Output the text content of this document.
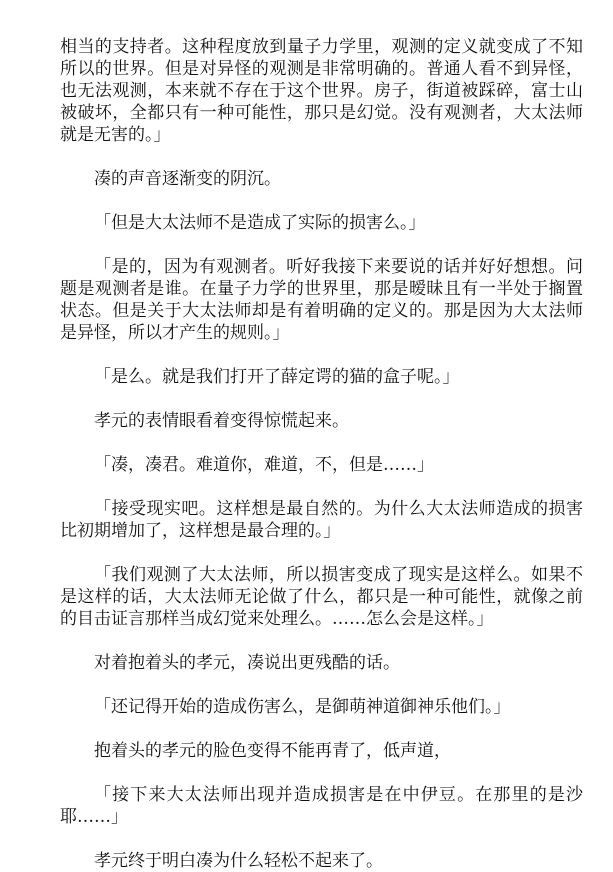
相当的支持者。这种程度放到量子力学里，观测的定义就变成了不知所以的世界。但是对异怪的观测是非常明确的。普通人看不到异怪，也无法观测，本来就不存在于这个世界。房子，街道被踩碎，富士山被破坏，全都只有一种可能性，那只是幻觉。没有观测者，大太法师就是无害的。」

凑的声音逐渐变的阴沉。

「但是大太法师不是造成了实际的损害么。」

「是的，因为有观测者。听好我接下来要说的话并好好想想。问题是观测者是谁。在量子力学的世界里，那是暧昧且有一半处于搁置状态。但是关于大太法师却是有着明确的定义的。那是因为大太法师是异怪，所以才产生的规则。」

「是么。就是我们打开了薛定谔的猫的盒子呢。」

孝元的表情眼看着变得惊慌起来。

「凑，凑君。难道你，难道，不，但是……」

「接受现实吧。这样想是最自然的。为什么大太法师造成的损害比初期增加了，这样想是最合理的。」

「我们观测了大太法师，所以损害变成了现实是这样么。如果不是这样的话，大太法师无论做了什么，都只是一种可能性，就像之前的目击证言那样当成幻觉来处理么。……怎么会是这样。」

对着抱着头的孝元，凑说出更残酷的话。

「还记得开始的造成伤害么，是御萌神道御神乐他们。」

抱着头的孝元的脸色变得不能再青了，低声道，

「接下来大太法师出现并造成损害是在中伊豆。在那里的是沙耶……」

孝元终于明白凑为什么轻松不起来了。
